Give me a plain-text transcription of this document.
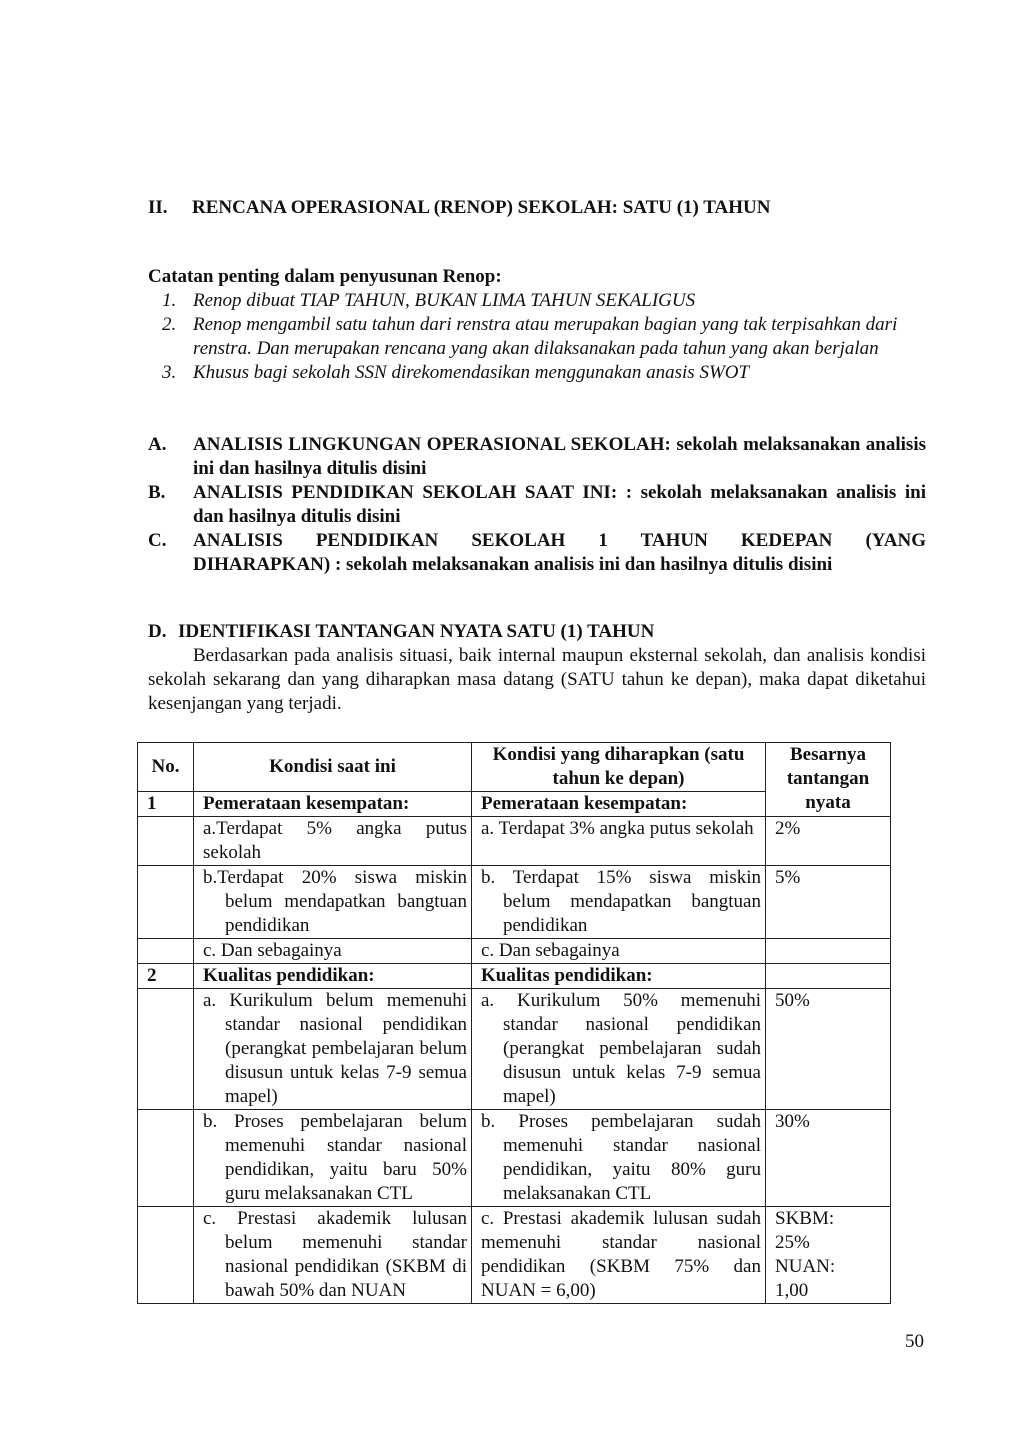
II. RENCANA OPERASIONAL (RENOP) SEKOLAH: SATU (1) TAHUN
Catatan penting dalam penyusunan Renop:
1. Renop dibuat TIAP TAHUN, BUKAN LIMA TAHUN SEKALIGUS
2. Renop mengambil satu tahun dari renstra atau merupakan bagian yang tak terpisahkan dari renstra. Dan merupakan rencana yang akan dilaksanakan pada tahun yang akan berjalan
3. Khusus bagi sekolah SSN direkomendasikan menggunakan anasis SWOT
A. ANALISIS LINGKUNGAN OPERASIONAL SEKOLAH: sekolah melaksanakan analisis ini dan hasilnya ditulis disini
B. ANALISIS PENDIDIKAN SEKOLAH SAAT INI: : sekolah melaksanakan analisis ini dan hasilnya ditulis disini
C. ANALISIS PENDIDIKAN SEKOLAH 1 TAHUN KEDEPAN (YANG
DIHARAPKAN) : sekolah melaksanakan analisis ini dan hasilnya ditulis disini
D. IDENTIFIKASI TANTANGAN NYATA SATU (1) TAHUN
Berdasarkan pada analisis situasi, baik internal maupun eksternal sekolah, dan analisis kondisi sekolah sekarang dan yang diharapkan masa datang (SATU tahun ke depan), maka dapat diketahui kesenjangan yang terjadi.
No.	Kondisi saat ini	Kondisi yang diharapkan (satu tahun ke depan)	Besarnya tantangan nyata
1	Pemerataan kesempatan:	Pemerataan kesempatan:	

	a.Terdapat 5% angka putus sekolah	a. Terdapat 3% angka putus sekolah	2%

	b.Terdapat 20% siswa miskin belum mendapatkan bangtuan pendidikan	b. Terdapat 15% siswa miskin belum mendapatkan bangtuan pendidikan	5%
	c. Dan sebagainya	c. Dan sebagainya	
2	Kualitas pendidikan:	Kualitas pendidikan:	

	a. Kurikulum belum memenuhi standar nasional pendidikan (perangkat pembelajaran belum disusun untuk kelas 7-9 semua mapel)	a. Kurikulum 50% memenuhi standar nasional pendidikan (perangkat pembelajaran sudah disusun untuk kelas 7-9 semua mapel)	50%

	b. Proses pembelajaran belum memenuhi standar nasional pendidikan, yaitu baru 50% guru melaksanakan CTL	b. Proses pembelajaran sudah memenuhi standar nasional pendidikan, yaitu 80% guru melaksanakan CTL	30%

	c. Prestasi akademik lulusan belum memenuhi standar nasional pendidikan (SKBM di bawah 50% dan NUAN	c. Prestasi akademik lulusan sudah memenuhi standar nasional pendidikan (SKBM 75% dan NUAN = 6,00)	SKBM:
25%
NUAN:
1,00
50
